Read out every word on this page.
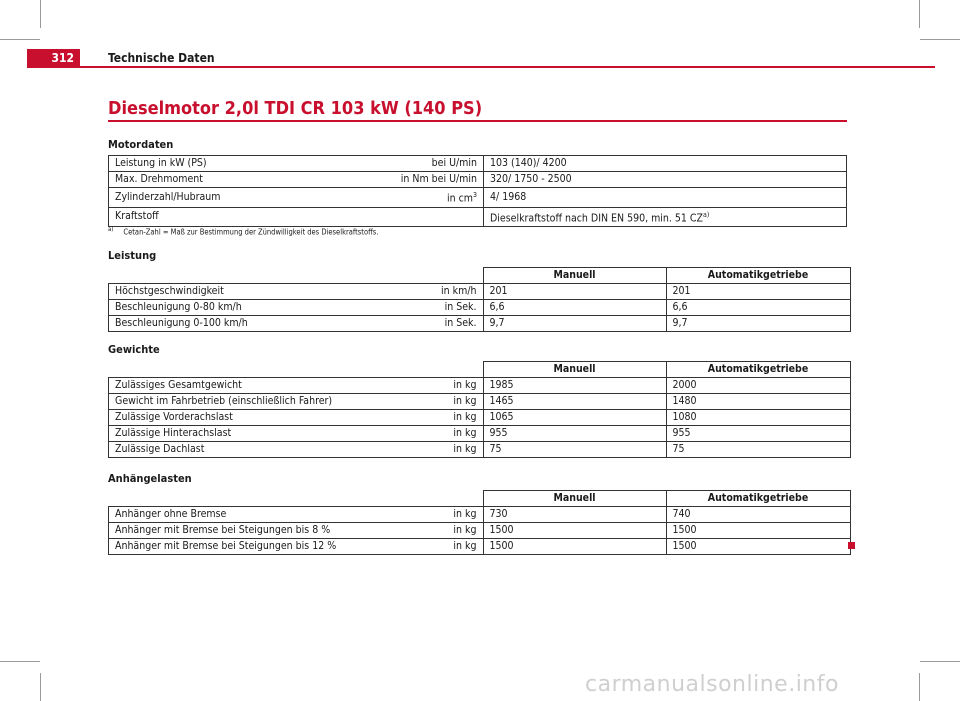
312	Technische Daten
Dieselmotor 2,0l TDI CR 103 kW (140 PS)
Motordaten
Leistung in kW (PS)	bei U/min	103 (140)/ 4200
Max. Drehmoment	in Nm bei U/min	320/ 1750 - 2500
Zylinderzahl/Hubraum	in $cm^3$	4/ 1968
Kraftstoff		Dieselkraftstoff nach DIN EN 590, min. 51 CZ$^{a)}$
$^{a)}$ Cetan-Zahl = Maß zur Bestimmung der Zündwilligkeit des Dieselkraftstoffs.
Leistung
		Manuell	Automatikgetriebe
Höchstgeschwindigkeit	in km/h	201	201
Beschleunigung 0-80 km/h	in Sek.	6,6	6,6
Beschleunigung 0-100 km/h	in Sek.	9,7	9,7
Gewichte
		Manuell	Automatikgetriebe
Zulässiges Gesamtgewicht	in kg	1985	2000
Gewicht im Fahrbetrieb (einschließlich Fahrer)	in kg	1465	1480
Zulässige Vorderachslast	in kg	1065	1080
Zulässige Hinterachslast	in kg	955	955
Zulässige Dachlast	in kg	75	75
Anhängelasten
		Manuell	Automatikgetriebe
Anhänger ohne Bremse	in kg	730	740
Anhänger mit Bremse bei Steigungen bis 8 %	in kg	1500	1500
Anhänger mit Bremse bei Steigungen bis 12 %	in kg	1500	1500
carmanualsonline.info
